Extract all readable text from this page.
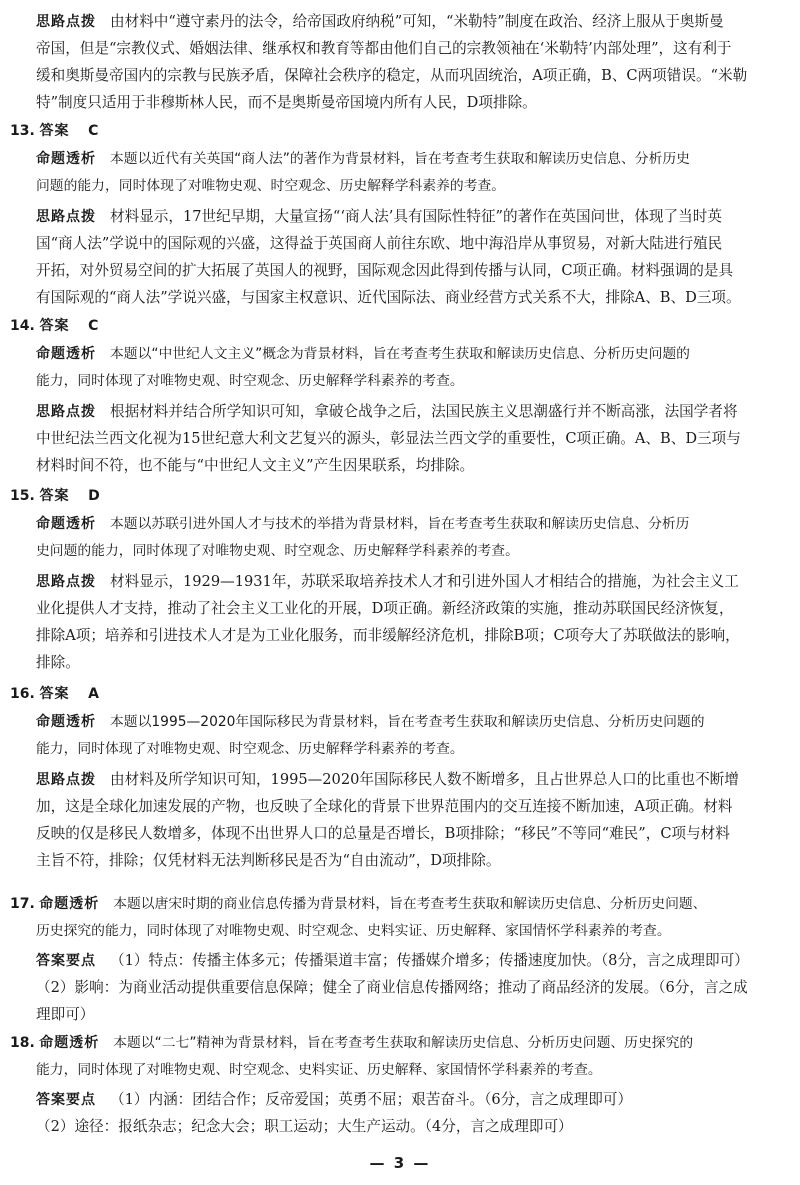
思路点拨 由材料中“遵守素丹的法令，给帝国政府纳税”可知，“米勒特”制度在政治、经济上服从于奥斯曼
帝国，但是“宗教仪式、婚姻法律、继承权和教育等都由他们自己的宗教领袖在‘米勒特’内部处理”，这有利于
缓和奥斯曼帝国内的宗教与民族矛盾，保障社会秩序的稳定，从而巩固统治，A项正确，B、C两项错误。“米勒
特”制度只适用于非穆斯林人民，而不是奥斯曼帝国境内所有人民，D项排除。
13. 答案 C
命题透析 本题以近代有关英国“商人法”的著作为背景材料，旨在考查考生获取和解读历史信息、分析历史
问题的能力，同时体现了对唯物史观、时空观念、历史解释学科素养的考查。
思路点拨 材料显示，17世纪早期，大量宣扬“‘商人法’具有国际性特征”的著作在英国问世，体现了当时英
国“商人法”学说中的国际观的兴盛，这得益于英国商人前往东欧、地中海沿岸从事贸易，对新大陆进行殖民
开拓，对外贸易空间的扩大拓展了英国人的视野，国际观念因此得到传播与认同，C项正确。材料强调的是具
有国际观的“商人法”学说兴盛，与国家主权意识、近代国际法、商业经营方式关系不大，排除A、B、D三项。
14. 答案 C
命题透析 本题以“中世纪人文主义”概念为背景材料，旨在考查考生获取和解读历史信息、分析历史问题的
能力，同时体现了对唯物史观、时空观念、历史解释学科素养的考查。
思路点拨 根据材料并结合所学知识可知，拿破仑战争之后，法国民族主义思潮盛行并不断高涨，法国学者将
中世纪法兰西文化视为15世纪意大利文艺复兴的源头，彰显法兰西文学的重要性，C项正确。A、B、D三项与
材料时间不符，也不能与“中世纪人文主义”产生因果联系，均排除。
15. 答案 D
命题透析 本题以苏联引进外国人才与技术的举措为背景材料，旨在考查考生获取和解读历史信息、分析历
史问题的能力，同时体现了对唯物史观、时空观念、历史解释学科素养的考查。
思路点拨 材料显示，1929—1931年，苏联采取培养技术人才和引进外国人才相结合的措施，为社会主义工
业化提供人才支持，推动了社会主义工业化的开展，D项正确。新经济政策的实施，推动苏联国民经济恢复，
排除A项；培养和引进技术人才是为工业化服务，而非缓解经济危机，排除B项；C项夸大了苏联做法的影响，
排除。
16. 答案 A
命题透析 本题以1995—2020年国际移民为背景材料，旨在考查考生获取和解读历史信息、分析历史问题的
能力，同时体现了对唯物史观、时空观念、历史解释学科素养的考查。
思路点拨 由材料及所学知识可知，1995—2020年国际移民人数不断增多，且占世界总人口的比重也不断增
加，这是全球化加速发展的产物，也反映了全球化的背景下世界范围内的交互连接不断加速，A项正确。材料
反映的仅是移民人数增多，体现不出世界人口的总量是否增长，B项排除；“移民”不等同“难民”，C项与材料
主旨不符，排除；仅凭材料无法判断移民是否为“自由流动”，D项排除。
17. 命题透析 本题以唐宋时期的商业信息传播为背景材料，旨在考查考生获取和解读历史信息、分析历史问题、
历史探究的能力，同时体现了对唯物史观、时空观念、史料实证、历史解释、家国情怀学科素养的考查。
答案要点 （1）特点：传播主体多元；传播渠道丰富；传播媒介增多；传播速度加快。（8分，言之成理即可）
（2）影响：为商业活动提供重要信息保障；健全了商业信息传播网络；推动了商品经济的发展。（6分，言之成
理即可）
18. 命题透析 本题以“二七”精神为背景材料，旨在考查考生获取和解读历史信息、分析历史问题、历史探究的
能力，同时体现了对唯物史观、时空观念、史料实证、历史解释、家国情怀学科素养的考查。
答案要点 （1）内涵：团结合作；反帝爱国；英勇不屈；艰苦奋斗。（6分，言之成理即可）
（2）途径：报纸杂志；纪念大会；职工运动；大生产运动。（4分，言之成理即可）
— 3 —
